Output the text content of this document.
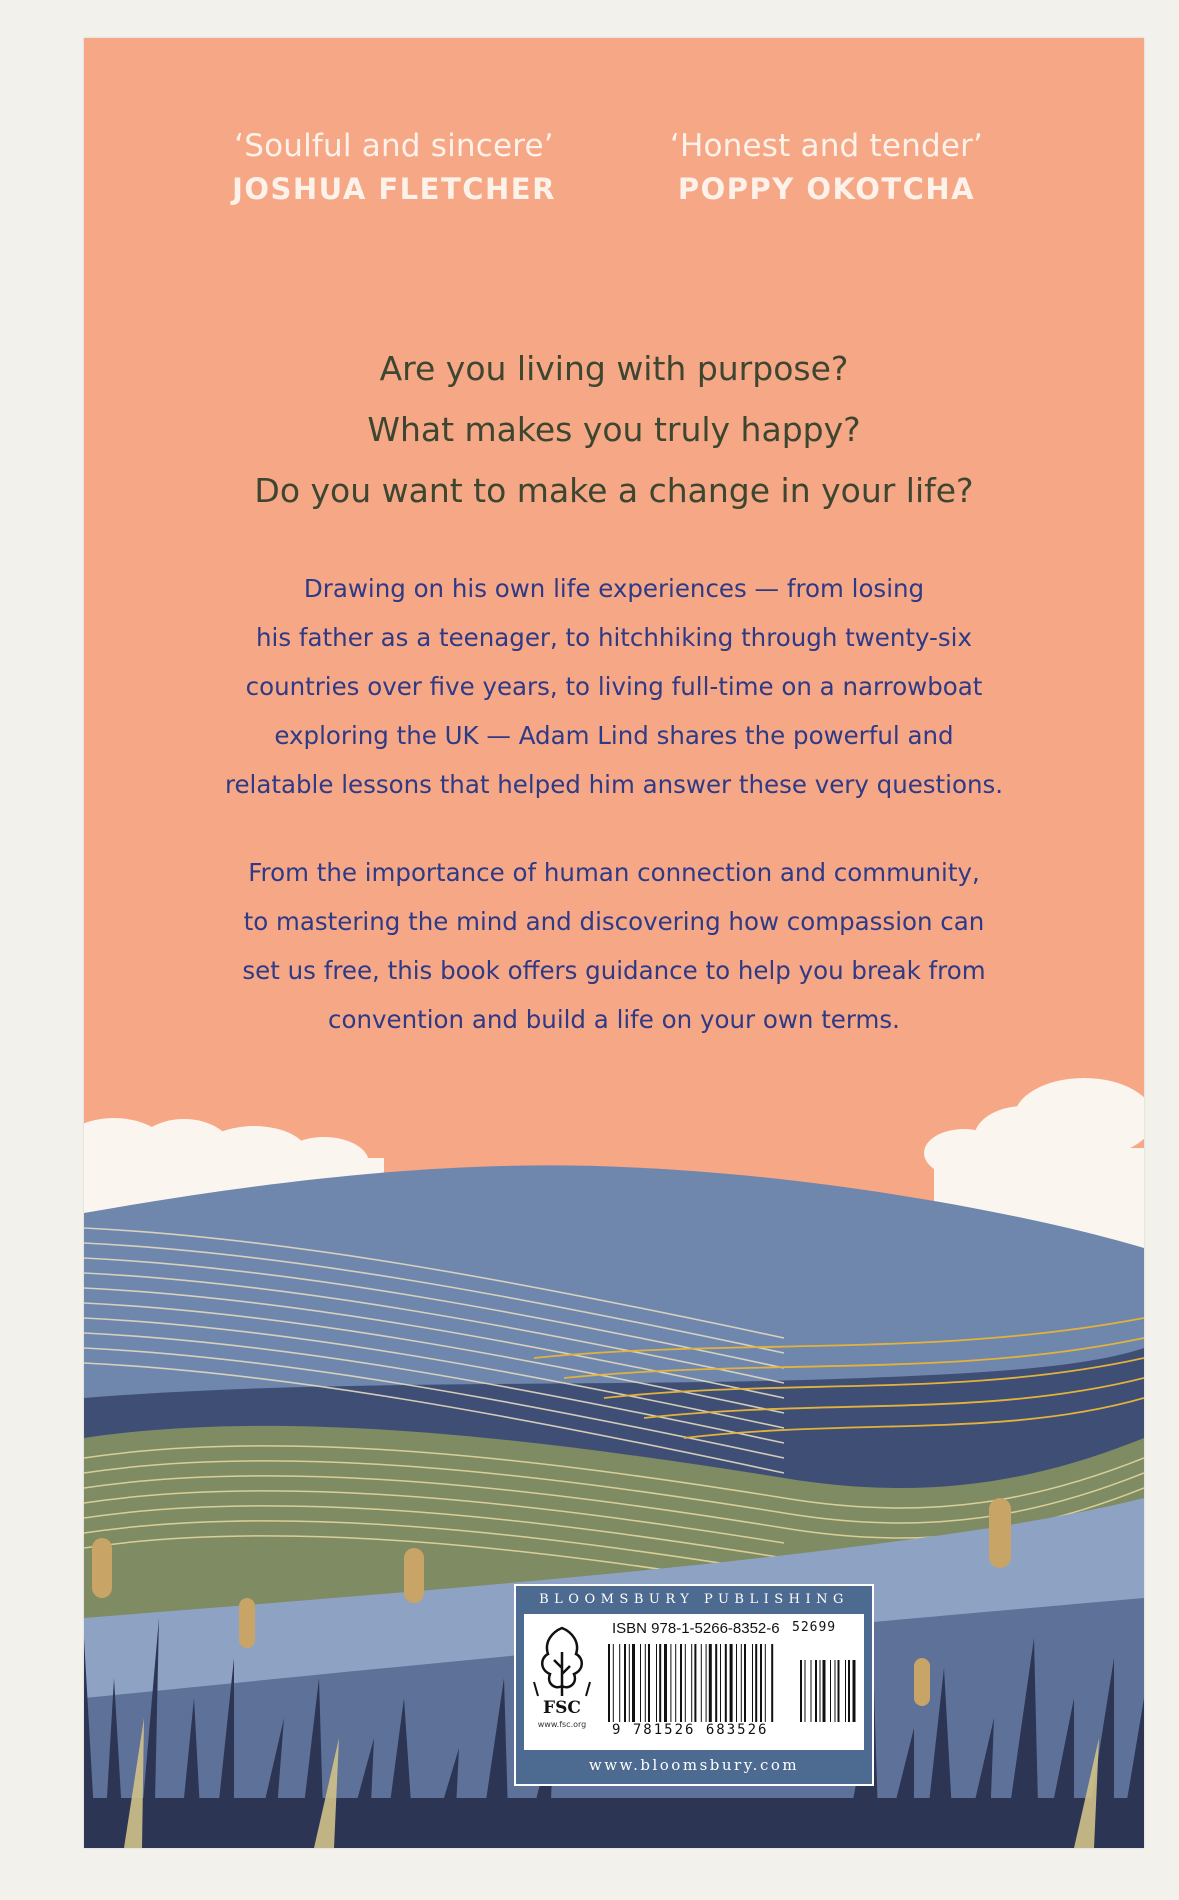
‘Soulful and sincere’
JOSHUA FLETCHER
‘Honest and tender’
POPPY OKOTCHA
Are you living with purpose?
What makes you truly happy?
Do you want to make a change in your life?
Drawing on his own life experiences — from losing
his father as a teenager, to hitchhiking through twenty-six
countries over five years, to living full-time on a narrowboat
exploring the UK — Adam Lind shares the powerful and
relatable lessons that helped him answer these very questions.
From the importance of human connection and community,
to mastering the mind and discovering how compassion can
set us free, this book offers guidance to help you break from
convention and build a life on your own terms.
BLOOMSBURY PUBLISHING
FSC
www.fsc.org
ISBN 978-1-5266-8352-6 52699
9 781526 683526
www.bloomsbury.com
